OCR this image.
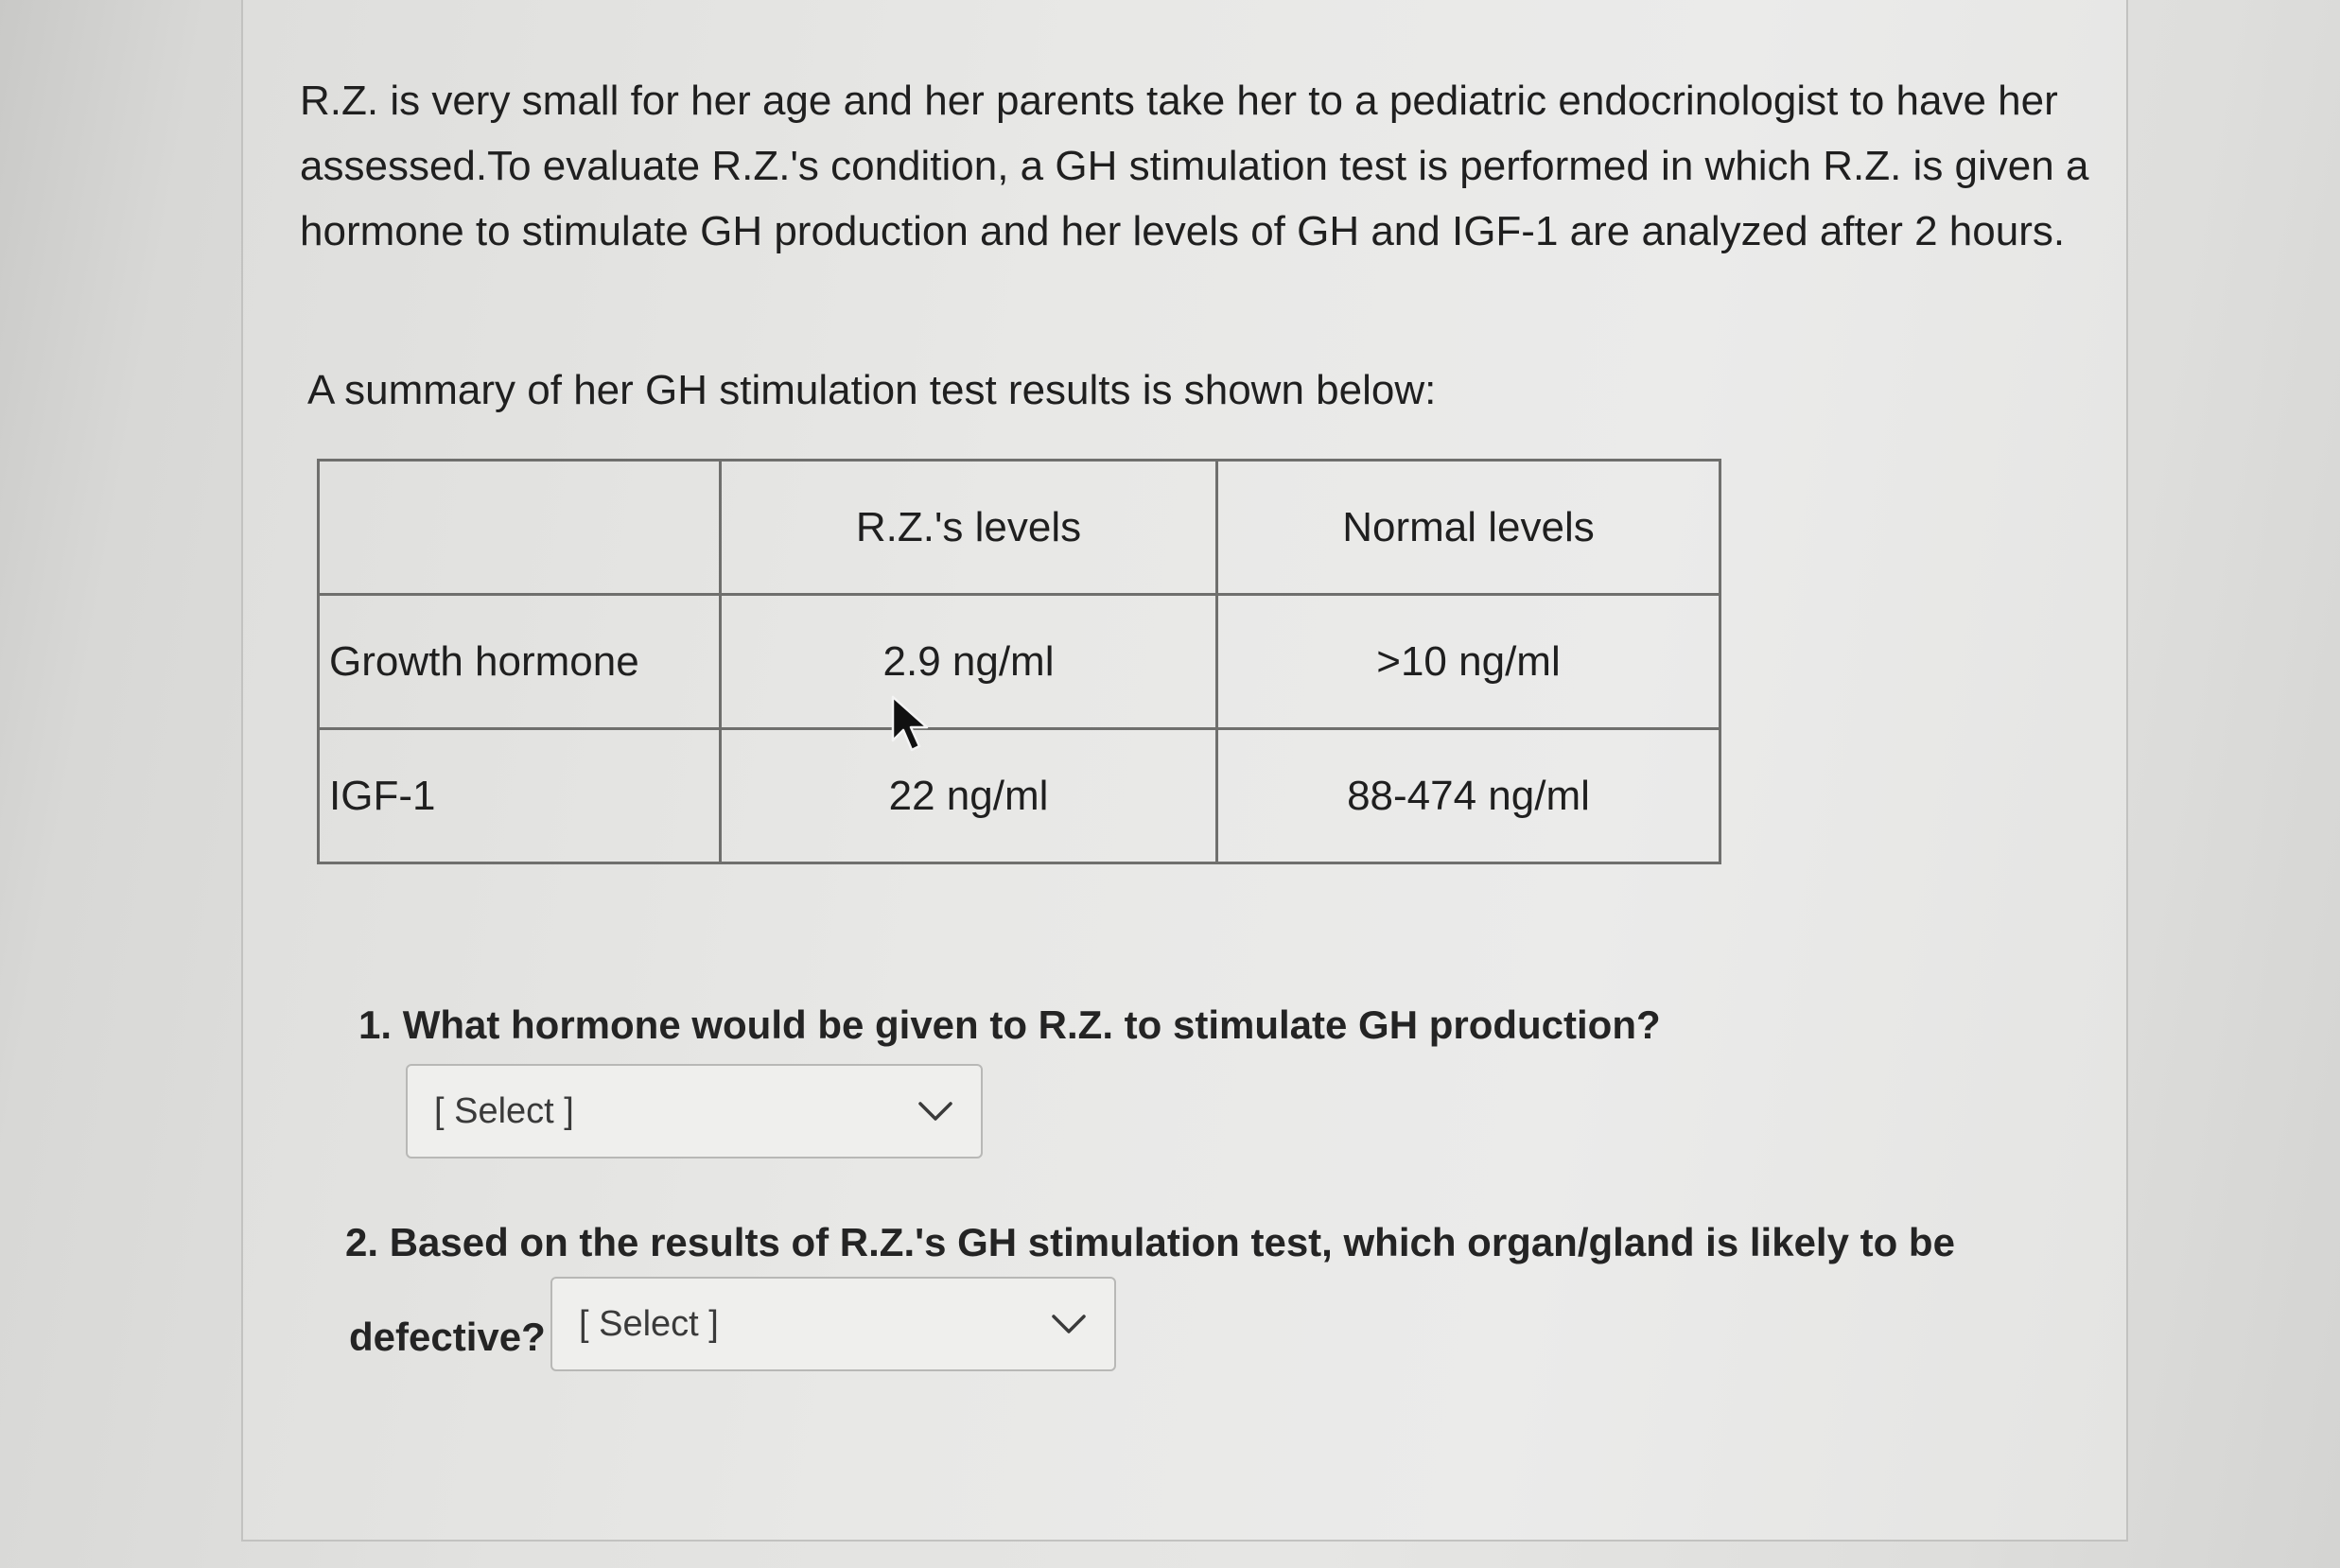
R.Z. is very small for her age and her parents take her to a pediatric endocrinologist to have her assessed.To evaluate R.Z.'s condition, a GH stimulation test is performed in which R.Z. is given a hormone to stimulate GH production and her levels of GH and IGF-1 are analyzed after 2 hours.

A summary of her GH stimulation test results is shown below:

	R.Z.'s levels	Normal levels
Growth hormone	2.9 ng/ml	>10 ng/ml
IGF-1	22 ng/ml	88-474 ng/ml

1. What hormone would be given to R.Z. to stimulate GH production?

[ Select ]

2. Based on the results of R.Z.'s GH stimulation test, which organ/gland is likely to be

defective? [ Select ]
